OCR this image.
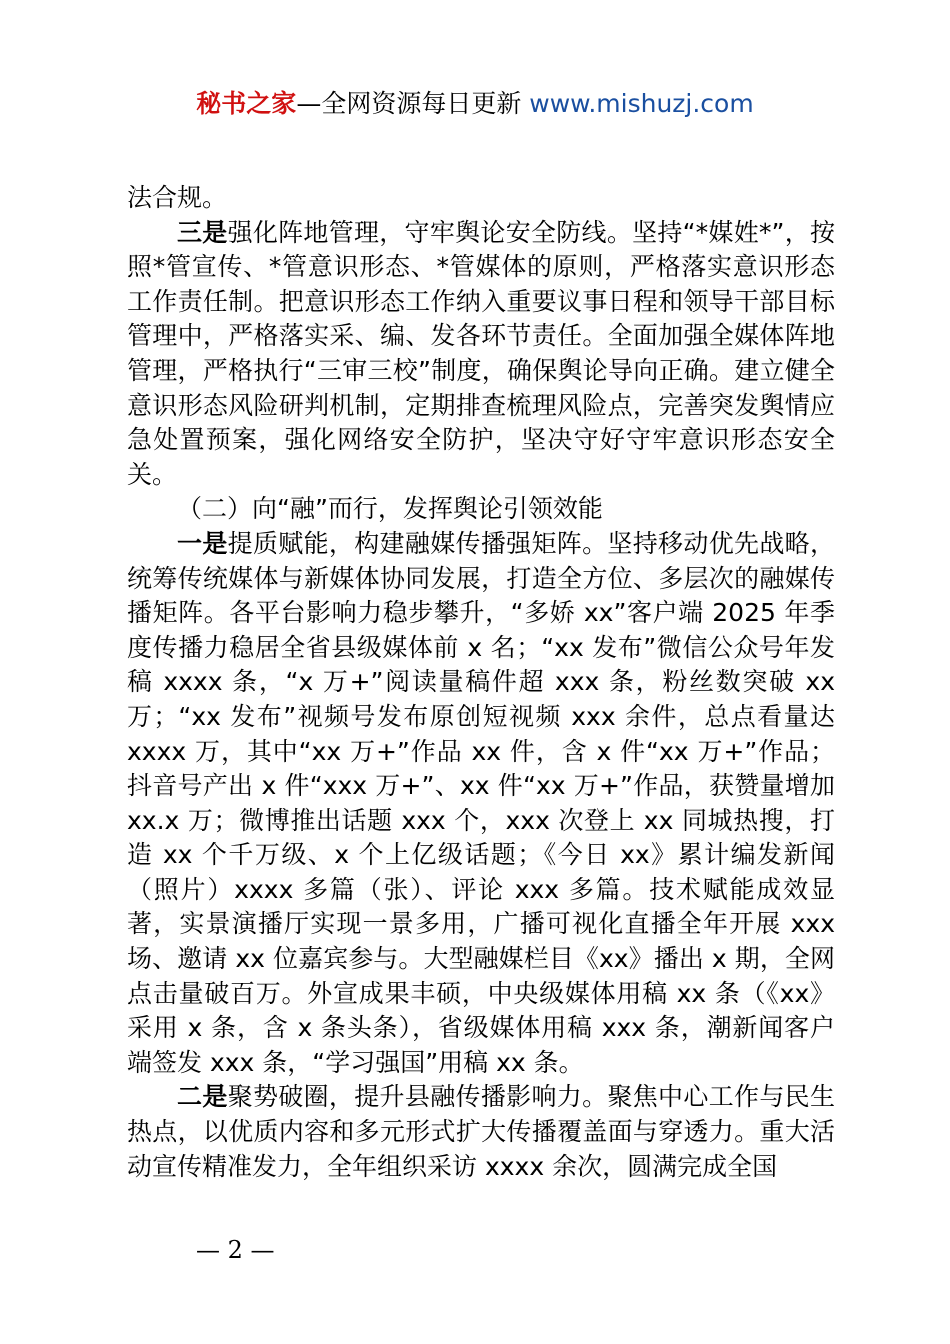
秘书之家—全网资源每日更新 www.mishuzj.com

法合规。

三是强化阵地管理，守牢舆论安全防线。坚持“*媒姓*”，按照*管宣传、*管意识形态、*管媒体的原则，严格落实意识形态工作责任制。把意识形态工作纳入重要议事日程和领导干部目标管理中，严格落实采、编、发各环节责任。全面加强全媒体阵地管理，严格执行“三审三校”制度，确保舆论导向正确。建立健全意识形态风险研判机制，定期排查梳理风险点，完善突发舆情应急处置预案，强化网络安全防护，坚决守好守牢意识形态安全关。

（二）向“融”而行，发挥舆论引领效能

一是提质赋能，构建融媒传播强矩阵。坚持移动优先战略，统筹传统媒体与新媒体协同发展，打造全方位、多层次的融媒传播矩阵。各平台影响力稳步攀升，“多娇 xx”客户端 2025 年季度传播力稳居全省县级媒体前 x 名；“xx 发布”微信公众号年发稿 xxxx 条，“x 万+”阅读量稿件超 xxx 条，粉丝数突破 xx 万；“xx 发布”视频号发布原创短视频 xxx 余件，总点看量达 xxxx 万，其中“xx 万+”作品 xx 件，含 x 件“xx 万+”作品；抖音号产出 x 件“xxx 万+”、xx 件“xx 万+”作品，获赞量增加 xx.x 万；微博推出话题 xxx 个，xxx 次登上 xx 同城热搜，打造 xx 个千万级、x 个上亿级话题；《今日 xx》累计编发新闻（照片）xxxx 多篇（张）、评论 xxx 多篇。技术赋能成效显著，实景演播厅实现一景多用，广播可视化直播全年开展 xxx 场、邀请 xx 位嘉宾参与。大型融媒栏目《xx》播出 x 期，全网点击量破百万。外宣成果丰硕，中央级媒体用稿 xx 条（《xx》采用 x 条，含 x 条头条），省级媒体用稿 xxx 条，潮新闻客户端签发 xxx 条，“学习强国”用稿 xx 条。

二是聚势破圈，提升县融传播影响力。聚焦中心工作与民生热点，以优质内容和多元形式扩大传播覆盖面与穿透力。重大活动宣传精准发力，全年组织采访 xxxx 余次，圆满完成全国

— 2 —
